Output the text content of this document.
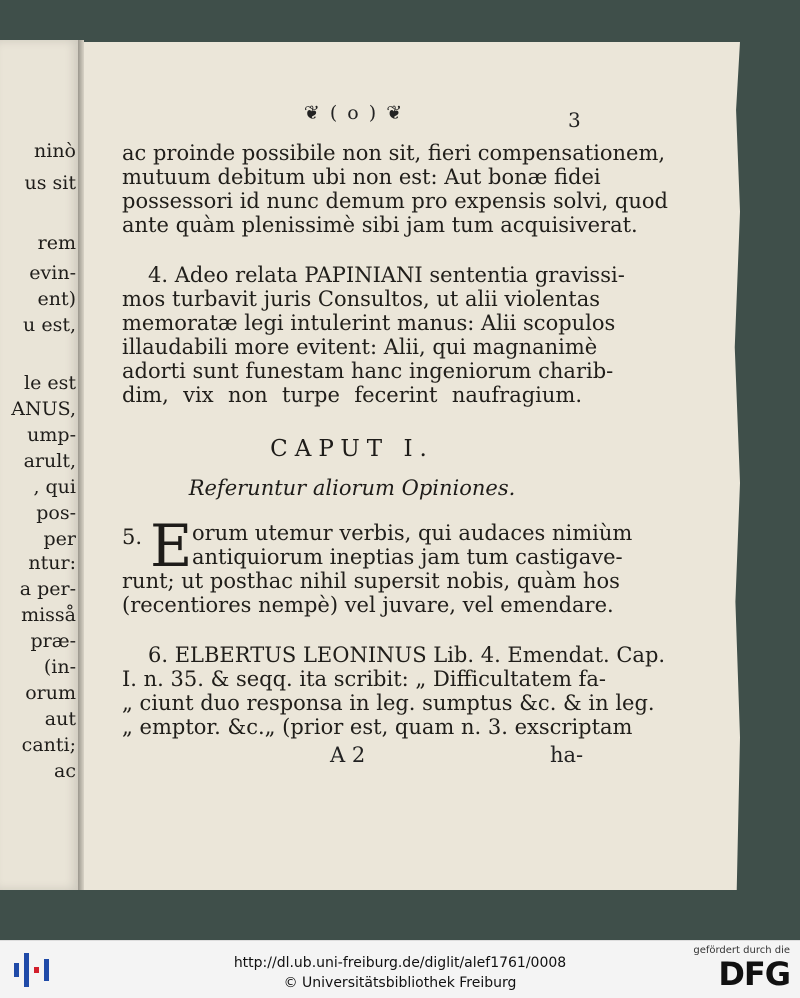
ninò
us sit
rem
evin-
ent)
u est,
le est
ANUS,
ump-
arult,
, qui
pos-
per
ntur:
a per-
misså
præ-
(in-
orum
aut
canti;
ac
❦ ( o ) ❦	3
ac proinde possibile non sit, fieri compensationem,
mutuum debitum ubi non est: Aut bonæ fidei
possessori id nunc demum pro expensis solvi, quod
ante quàm plenissimè sibi jam tum acquisiverat.
4. Adeo relata PAPINIANI sententia gravissi-
mos turbavit juris Consultos, ut alii violentas
memoratæ legi intulerint manus: Alii scopulos
illaudabili more evitent: Alii, qui magnanimè
adorti sunt funestam hanc ingeniorum charib-
dim, vix non turpe fecerint naufragium.
CAPUT I.
Referuntur aliorum Opiniones.
5. E orum utemur verbis, qui audaces nimiùm
antiquiorum ineptias jam tum castigave-
runt; ut posthac nihil supersit nobis, quàm hos
(recentiores nempè) vel juvare, vel emendare.
6. ELBERTUS LEONINUS Lib. 4. Emendat. Cap.
I. n. 35. & seqq. ita scribit: „ Difficultatem fa-
„ ciunt duo responsa in leg. sumptus &c. & in leg.
„ emptor. &c.„ (prior est, quam n. 3. exscriptam
A 2	ha-
http://dl.ub.uni-freiburg.de/diglit/alef1761/0008
© Universitätsbibliothek Freiburg
gefördert durch die
DFG
